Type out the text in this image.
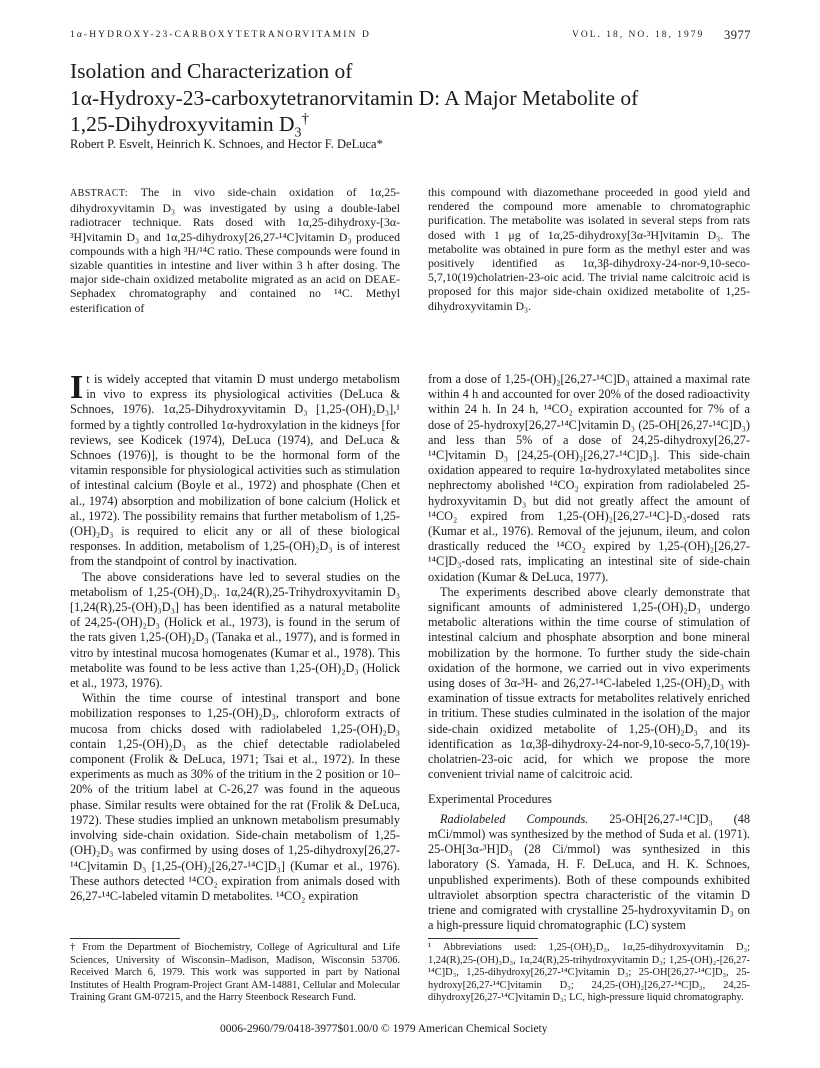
1α-HYDROXY-23-CARBOXYTETRANORVITAMIN D	VOL. 18, NO. 18, 1979 3977
Isolation and Characterization of
1α-Hydroxy-23-carboxytetranorvitamin D: A Major Metabolite of
1,25-Dihydroxyvitamin $D_3^\dagger$
Robert P. Esvelt, Heinrich K. Schnoes, and Hector F. DeLuca*

ABSTRACT: The in vivo side-chain oxidation of 1α,25-dihydroxyvitamin D₃ was investigated by using a double-label radiotracer technique. Rats dosed with 1α,25-dihydroxy-[3α-³H]vitamin D₃ and 1α,25-dihydroxy[26,27-¹⁴C]vitamin D₃ produced compounds with a high ³H/¹⁴C ratio. These compounds were found in sizable quantities in intestine and liver within 3 h after dosing. The major side-chain oxidized metabolite migrated as an acid on DEAE-Sephadex chromatography and contained no ¹⁴C. Methyl esterification of

this compound with diazomethane proceeded in good yield and rendered the compound more amenable to chromatographic purification. The metabolite was isolated in several steps from rats dosed with 1 μg of 1α,25-dihydroxy[3α-³H]vitamin D₃. The metabolite was obtained in pure form as the methyl ester and was positively identified as 1α,3β-dihydroxy-24-nor-9,10-seco-5,7,10(19)cholatrien-23-oic acid. The trivial name calcitroic acid is proposed for this major side-chain oxidized metabolite of 1,25-dihydroxyvitamin D₃.

It is widely accepted that vitamin D must undergo metabolism in vivo to express its physiological activities (DeLuca & Schnoes, 1976). 1α,25-Dihydroxyvitamin D₃ [1,25-(OH)₂D₃],¹ formed by a tightly controlled 1α-hydroxylation in the kidneys [for reviews, see Kodicek (1974), DeLuca (1974), and DeLuca & Schnoes (1976)], is thought to be the hormonal form of the vitamin responsible for physiological activities such as stimulation of intestinal calcium (Boyle et al., 1972) and phosphate (Chen et al., 1974) absorption and mobilization of bone calcium (Holick et al., 1972). The possibility remains that further metabolism of 1,25-(OH)₂D₃ is required to elicit any or all of these biological responses. In addition, metabolism of 1,25-(OH)₂D₃ is of interest from the standpoint of control by inactivation.

The above considerations have led to several studies on the metabolism of 1,25-(OH)₂D₃. 1α,24(R),25-Trihydroxyvitamin D₃ [1,24(R),25-(OH)₃D₃] has been identified as a natural metabolite of 24,25-(OH)₂D₃ (Holick et al., 1973), is found in the serum of the rats given 1,25-(OH)₂D₃ (Tanaka et al., 1977), and is formed in vitro by intestinal mucosa homogenates (Kumar et al., 1978). This metabolite was found to be less active than 1,25-(OH)₂D₃ (Holick et al., 1973, 1976).

Within the time course of intestinal transport and bone mobilization responses to 1,25-(OH)₂D₃, chloroform extracts of mucosa from chicks dosed with radiolabeled 1,25-(OH)₂D₃ contain 1,25-(OH)₂D₃ as the chief detectable radiolabeled component (Frolik & DeLuca, 1971; Tsai et al., 1972). In these experiments as much as 30% of the tritium in the 2 position or 10–20% of the tritium label at C-26,27 was found in the aqueous phase. Similar results were obtained for the rat (Frolik & DeLuca, 1972). These studies implied an unknown metabolism presumably involving side-chain oxidation. Side-chain metabolism of 1,25-(OH)₂D₃ was confirmed by using doses of 1,25-dihydroxy[26,27-¹⁴C]vitamin D₃ [1,25-(OH)₂[26,27-¹⁴C]D₃] (Kumar et al., 1976). These authors detected ¹⁴CO₂ expiration from animals dosed with 26,27-¹⁴C-labeled vitamin D metabolites. ¹⁴CO₂ expiration

from a dose of 1,25-(OH)₂[26,27-¹⁴C]D₃ attained a maximal rate within 4 h and accounted for over 20% of the dosed radioactivity within 24 h. In 24 h, ¹⁴CO₂ expiration accounted for 7% of a dose of 25-hydroxy[26,27-¹⁴C]vitamin D₃ (25-OH[26,27-¹⁴C]D₃) and less than 5% of a dose of 24,25-dihydroxy[26,27-¹⁴C]vitamin D₃ [24,25-(OH)₂[26,27-¹⁴C]D₃]. This side-chain oxidation appeared to require 1α-hydroxylated metabolites since nephrectomy abolished ¹⁴CO₂ expiration from radiolabeled 25-hydroxyvitamin D₃ but did not greatly affect the amount of ¹⁴CO₂ expired from 1,25-(OH)₂[26,27-¹⁴C]-D₃-dosed rats (Kumar et al., 1976). Removal of the jejunum, ileum, and colon drastically reduced the ¹⁴CO₂ expired by 1,25-(OH)₂[26,27-¹⁴C]D₃-dosed rats, implicating an intestinal site of side-chain oxidation (Kumar & DeLuca, 1977).

The experiments described above clearly demonstrate that significant amounts of administered 1,25-(OH)₂D₃ undergo metabolic alterations within the time course of stimulation of intestinal calcium and phosphate absorption and bone mineral mobilization by the hormone. To further study the side-chain oxidation of the hormone, we carried out in vivo experiments using doses of 3α-³H- and 26,27-¹⁴C-labeled 1,25-(OH)₂D₃ with examination of tissue extracts for metabolites relatively enriched in tritium. These studies culminated in the isolation of the major side-chain oxidized metabolite of 1,25-(OH)₂D₃ and its identification as 1α,3β-dihydroxy-24-nor-9,10-seco-5,7,10(19)-cholatrien-23-oic acid, for which we propose the more convenient trivial name of calcitroic acid.

Experimental Procedures

Radiolabeled Compounds. 25-OH[26,27-¹⁴C]D₃ (48 mCi/mmol) was synthesized by the method of Suda et al. (1971). 25-OH[3α-³H]D₃ (28 Ci/mmol) was synthesized in this laboratory (S. Yamada, H. F. DeLuca, and H. K. Schnoes, unpublished experiments). Both of these compounds exhibited ultraviolet absorption spectra characteristic of the vitamin D triene and comigrated with crystalline 25-hydroxyvitamin D₃ on a high-pressure liquid chromatographic (LC) system

† From the Department of Biochemistry, College of Agricultural and Life Sciences, University of Wisconsin–Madison, Madison, Wisconsin 53706. Received March 6, 1979. This work was supported in part by National Institutes of Health Program-Project Grant AM-14881, Cellular and Molecular Training Grant GM-07215, and the Harry Steenbock Research Fund.
¹ Abbreviations used: 1,25-(OH)₂D₃, 1α,25-dihydroxyvitamin D₃; 1,24(R),25-(OH)₃D₃, 1α,24(R),25-trihydroxyvitamin D₃; 1,25-(OH)₂-[26,27-¹⁴C]D₃, 1,25-dihydroxy[26,27-¹⁴C]vitamin D₃; 25-OH[26,27-¹⁴C]D₃, 25-hydroxy[26,27-¹⁴C]vitamin D₃; 24,25-(OH)₂[26,27-¹⁴C]D₃, 24,25-dihydroxy[26,27-¹⁴C]vitamin D₃; LC, high-pressure liquid chromatography.
0006-2960/79/0418-3977$01.00/0 © 1979 American Chemical Society
